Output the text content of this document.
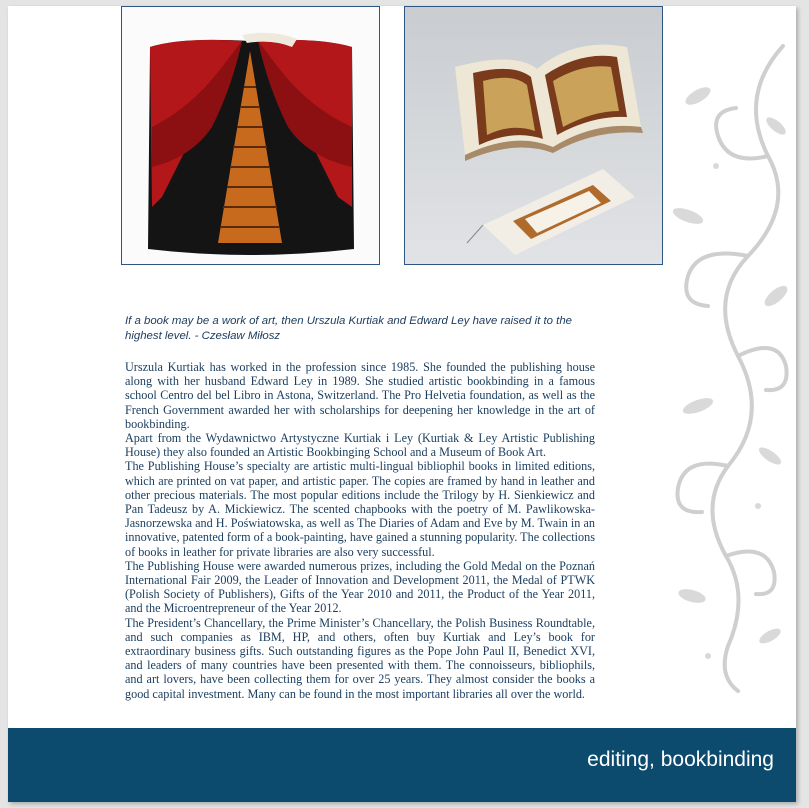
If a book may be a work of art, then Urszula Kurtiak and Edward Ley have raised it to the highest level. - Czesław Miłosz

Urszula Kurtiak has worked in the profession since 1985. She founded the publishing house along with her husband Edward Ley in 1989. She studied artistic bookbinding in a famous school Centro del bel Libro in Astona, Switzerland. The Pro Helvetia foundation, as well as the French Government awarded her with scholarships for deepening her knowledge in the art of bookbinding.

Apart from the Wydawnictwo Artystyczne Kurtiak i Ley (Kurtiak & Ley Artistic Publishing House) they also founded an Artistic Bookbinging School and a Museum of Book Art.

The Publishing House’s specialty are artistic multi-lingual bibliophil books in limited editions, which are printed on vat paper, and artistic paper. The copies are framed by hand in leather and other precious materials. The most popular editions include the Trilogy by H. Sienkiewicz and Pan Tadeusz by A. Mickiewicz. The scented chapbooks with the poetry of M. Pawlikowska-Jasnorzewska and H. Poświatowska, as well as The Diaries of Adam and Eve by M. Twain in an innovative, patented form of a book-painting, have gained a stunning popularity. The collections of books in leather for private libraries are also very successful.

The Publishing House were awarded numerous prizes, including the Gold Medal on the Poznań International Fair 2009, the Leader of Innovation and Development 2011, the Medal of PTWK (Polish Society of Publishers), Gifts of the Year 2010 and 2011, the Product of the Year 2011, and the Microentrepreneur of the Year 2012.

The President’s Chancellary, the Prime Minister’s Chancellary, the Polish Business Roundtable, and such companies as IBM, HP, and others, often buy Kurtiak and Ley’s book for extraordinary business gifts. Such outstanding figures as the Pope John Paul II, Benedict XVI, and leaders of many countries have been presented with them. The connoisseurs, bibliophils, and art lovers, have been collecting them for over 25 years. They almost consider the books a good capital investment. Many can be found in the most important libraries all over the world.

editing, bookbinding
